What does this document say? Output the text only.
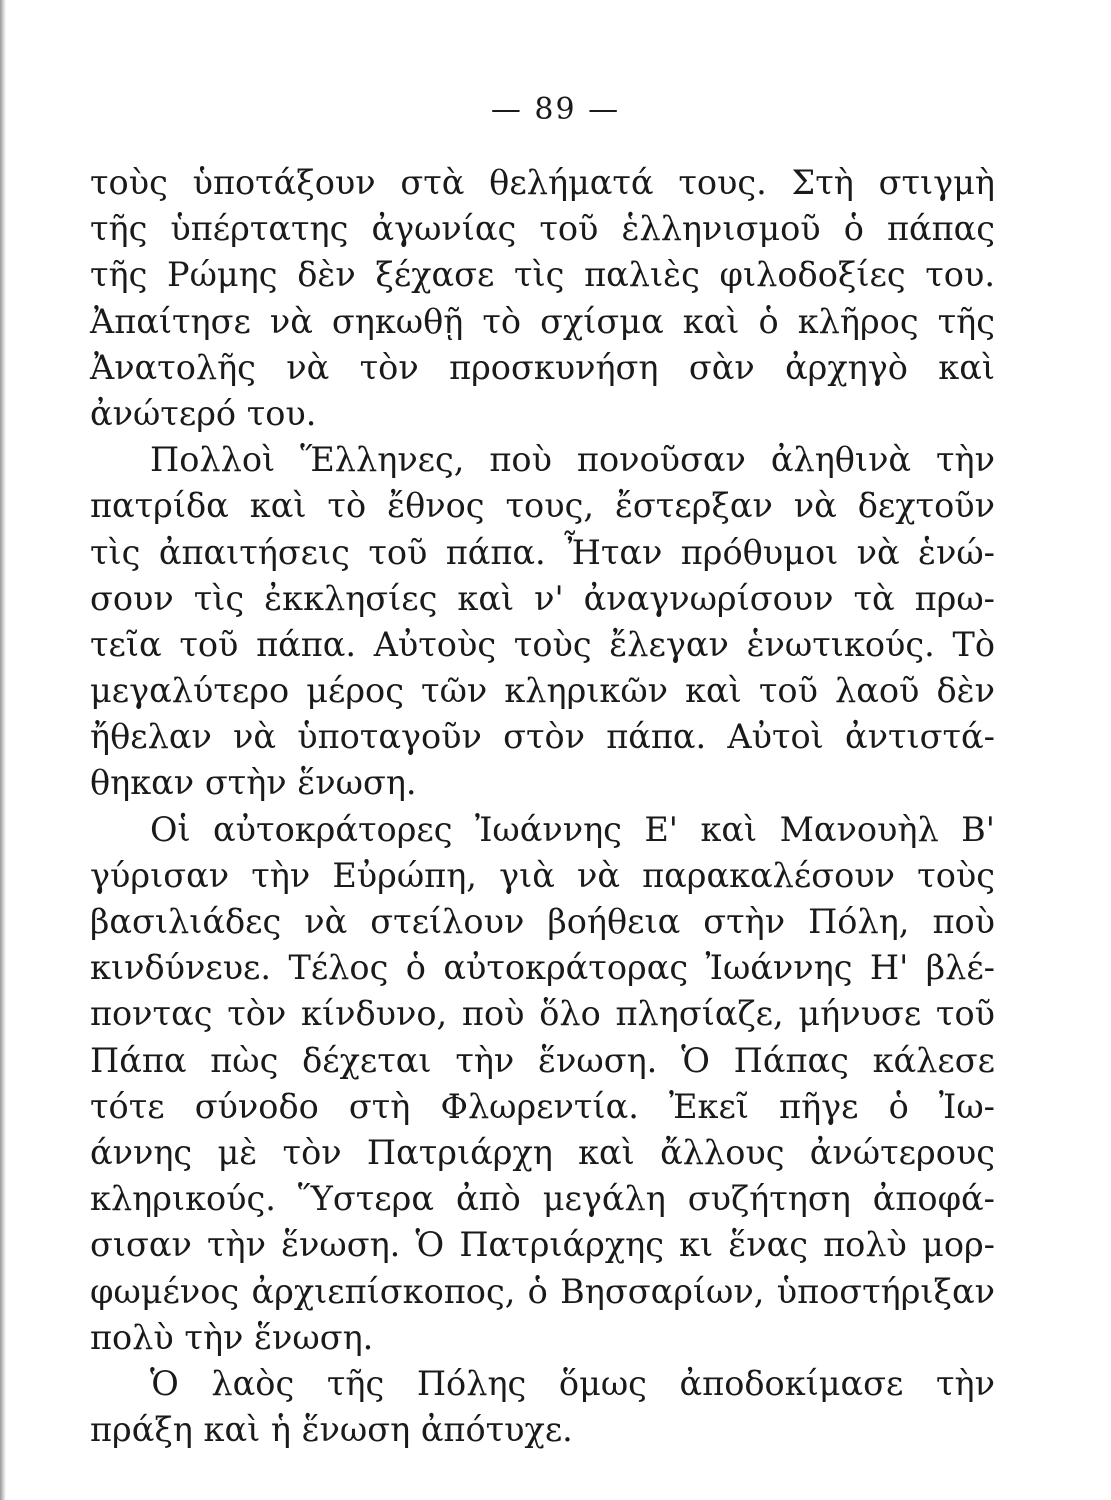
— 89 —
τοὺς ὑποτάξουν στὰ θελήματά τους. Στὴ στιγμὴ
τῆς ὑπέρτατης ἀγωνίας τοῦ ἑλληνισμοῦ ὁ πάπας
τῆς Ρώμης δὲν ξέχασε τὶς παλιὲς φιλοδοξίες του.
Ἀπαίτησε νὰ σηκωθῇ τὸ σχίσμα καὶ ὁ κλῆρος τῆς
Ἀνατολῆς νὰ τὸν προσκυνήση σὰν ἀρχηγὸ καὶ
ἀνώτερό του.
Πολλοὶ Ἕλληνες, ποὺ πονοῦσαν ἀληθινὰ τὴν
πατρίδα καὶ τὸ ἔθνος τους, ἔστερξαν νὰ δεχτοῦν
τὶς ἀπαιτήσεις τοῦ πάπα. Ἦταν πρόθυμοι νὰ ἑνώ-
σουν τὶς ἐκκλησίες καὶ ν' ἀναγνωρίσουν τὰ πρω-
τεῖα τοῦ πάπα. Αὐτοὺς τοὺς ἔλεγαν ἑνωτικούς. Τὸ
μεγαλύτερο μέρος τῶν κληρικῶν καὶ τοῦ λαοῦ δὲν
ἤθελαν νὰ ὑποταγοῦν στὸν πάπα. Αὐτοὶ ἀντιστά-
θηκαν στὴν ἕνωση.
Οἱ αὐτοκράτορες Ἰωάννης Ε' καὶ Μανουὴλ Β'
γύρισαν τὴν Εὐρώπη, γιὰ νὰ παρακαλέσουν τοὺς
βασιλιάδες νὰ στείλουν βοήθεια στὴν Πόλη, ποὺ
κινδύνευε. Τέλος ὁ αὐτοκράτορας Ἰωάννης Η' βλέ-
ποντας τὸν κίνδυνο, ποὺ ὅλο πλησίαζε, μήνυσε τοῦ
Πάπα πὼς δέχεται τὴν ἕνωση. Ὁ Πάπας κάλεσε
τότε σύνοδο στὴ Φλωρεντία. Ἐκεῖ πῆγε ὁ Ἰω-
άννης μὲ τὸν Πατριάρχη καὶ ἄλλους ἀνώτερους
κληρικούς. Ὕστερα ἀπὸ μεγάλη συζήτηση ἀποφά-
σισαν τὴν ἕνωση. Ὁ Πατριάρχης κι ἕνας πολὺ μορ-
φωμένος ἀρχιεπίσκοπος, ὁ Βησσαρίων, ὑποστήριξαν
πολὺ τὴν ἕνωση.
Ὁ λαὸς τῆς Πόλης ὅμως ἀποδοκίμασε τὴν
πράξη καὶ ἡ ἕνωση ἀπότυχε.
